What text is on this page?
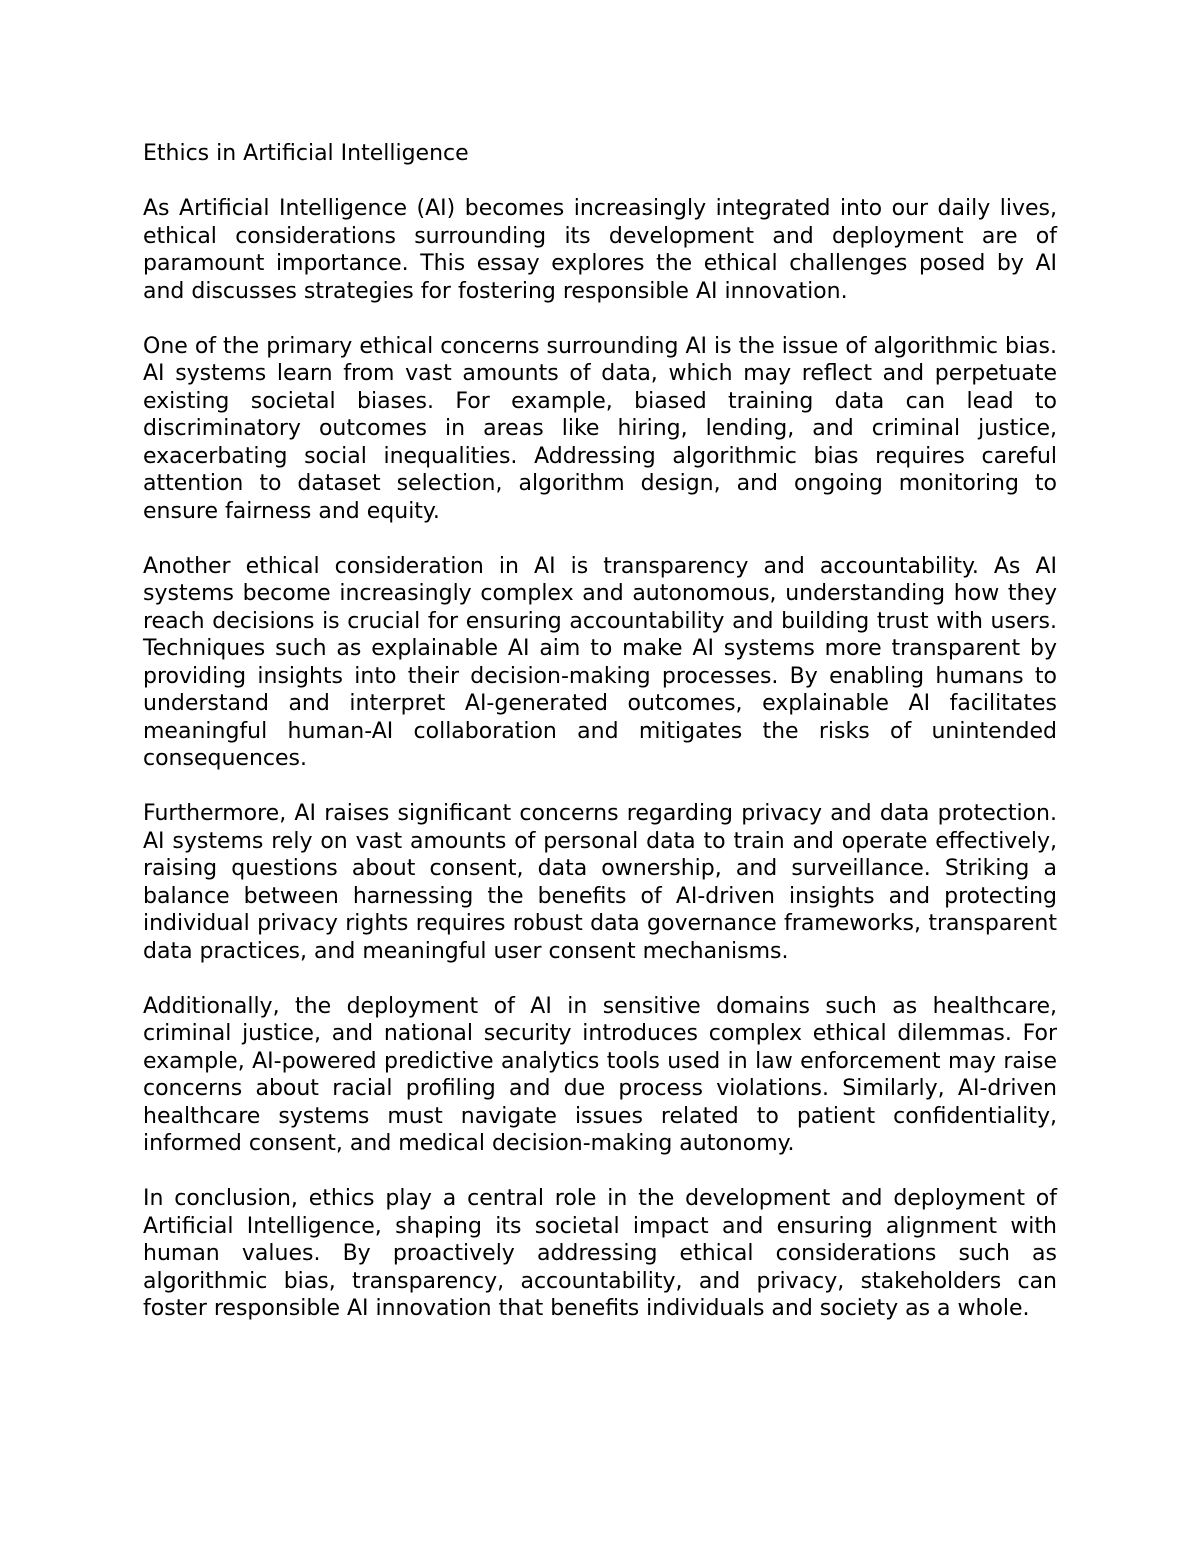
Ethics in Artificial Intelligence

As Artificial Intelligence (AI) becomes increasingly integrated into our daily lives, ethical considerations surrounding its development and deployment are of paramount importance. This essay explores the ethical challenges posed by AI and discusses strategies for fostering responsible AI innovation.

One of the primary ethical concerns surrounding AI is the issue of algorithmic bias. AI systems learn from vast amounts of data, which may reflect and perpetuate existing societal biases. For example, biased training data can lead to discriminatory outcomes in areas like hiring, lending, and criminal justice, exacerbating social inequalities. Addressing algorithmic bias requires careful attention to dataset selection, algorithm design, and ongoing monitoring to ensure fairness and equity.

Another ethical consideration in AI is transparency and accountability. As AI systems become increasingly complex and autonomous, understanding how they reach decisions is crucial for ensuring accountability and building trust with users. Techniques such as explainable AI aim to make AI systems more transparent by providing insights into their decision-making processes. By enabling humans to understand and interpret AI-generated outcomes, explainable AI facilitates meaningful human-AI collaboration and mitigates the risks of unintended consequences.

Furthermore, AI raises significant concerns regarding privacy and data protection. AI systems rely on vast amounts of personal data to train and operate effectively, raising questions about consent, data ownership, and surveillance. Striking a balance between harnessing the benefits of AI-driven insights and protecting individual privacy rights requires robust data governance frameworks, transparent data practices, and meaningful user consent mechanisms.

Additionally, the deployment of AI in sensitive domains such as healthcare, criminal justice, and national security introduces complex ethical dilemmas. For example, AI-powered predictive analytics tools used in law enforcement may raise concerns about racial profiling and due process violations. Similarly, AI-driven healthcare systems must navigate issues related to patient confidentiality, informed consent, and medical decision-making autonomy.

In conclusion, ethics play a central role in the development and deployment of Artificial Intelligence, shaping its societal impact and ensuring alignment with human values. By proactively addressing ethical considerations such as algorithmic bias, transparency, accountability, and privacy, stakeholders can foster responsible AI innovation that benefits individuals and society as a whole.
